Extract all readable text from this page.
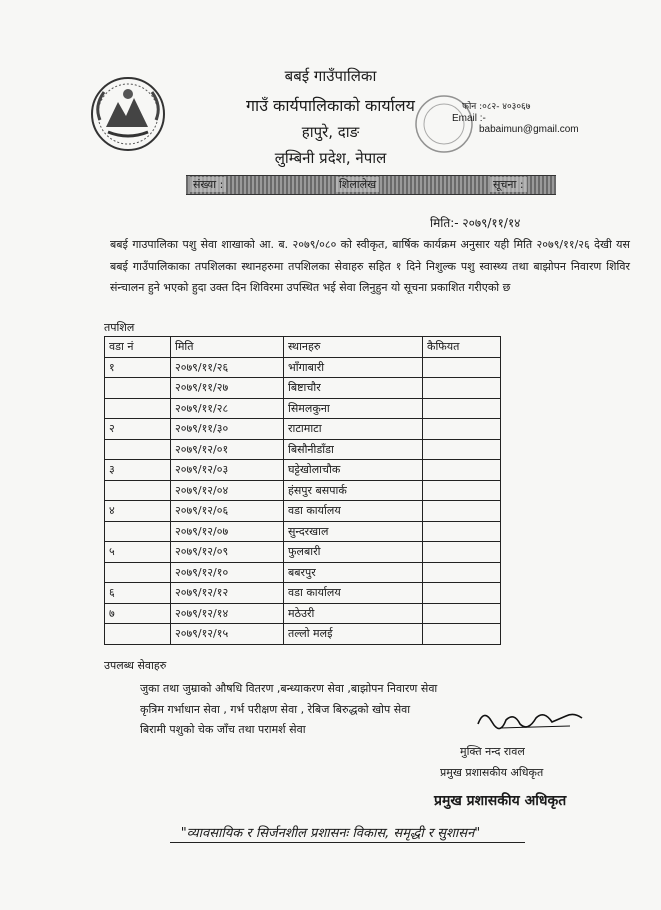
बबई गाउँपालिका
गाउँ कार्यपालिकाको कार्यालय
हापुरे, दाङ
लुम्बिनी प्रदेश, नेपाल
फोन :०८२- ४०३०६७
Email :-
babaimun@gmail.com
संख्या :	शिलालेख	सूचना :
मिति:- २०७९/११/१४
बबई गाउपालिका पशु सेवा शाखाको आ. ब. २०७९/०८० को स्वीकृत, बार्षिक कार्यक्रम अनुसार यही मिति २०७९/११/२६ देखी यस बबई गाउँपालिकाका तपशिलका स्थानहरुमा तपशिलका सेवाहरु सहित १ दिने निशुल्क पशु स्वास्थ्य तथा बाझोपन निवारण शिविर संन्चालन हुने भएको हुदा उक्त दिन शिविरमा उपस्थित भई सेवा लिनुहुन यो सूचना प्रकाशित गरीएको छ
तपशिल
वडा नं	मिति	स्थानहरु	कैफियत
१	२०७९/११/२६	भाँगाबारी	
	२०७९/११/२७	बिष्टाचौर	
	२०७९/११/२८	सिमलकुना	
२	२०७९/११/३०	राटामाटा	
	२०७९/१२/०१	बिसौनीडाँडा	
३	२०७९/१२/०३	घट्टेखोलाचौक	
	२०७९/१२/०४	हंसपुर बसपार्क	
४	२०७९/१२/०६	वडा कार्यालय	
	२०७९/१२/०७	सुन्दरखाल	
५	२०७९/१२/०९	फुलबारी	
	२०७९/१२/१०	बबरपुर	
६	२०७९/१२/१२	वडा कार्यालय	
७	२०७९/१२/१४	मठेउरी	
	२०७९/१२/१५	तल्लो मलई	
उपलब्ध सेवाहरु
जुका तथा जुम्राको औषधि वितरण ,बन्ध्याकरण सेवा ,बाझोपन निवारण सेवा
कृत्रिम गर्भाधान सेवा , गर्भ परीक्षण सेवा , रेबिज बिरुद्धको खोप सेवा
बिरामी पशुको चेक जाँच तथा परामर्श सेवा
मुक्ति नन्द रावल
प्रमुख प्रशासकीय अधिकृत
प्रमुख प्रशासकीय अधिकृत
"व्यावसायिक र सिर्जनशील प्रशासनः विकास, समृद्धी र सुशासन"
